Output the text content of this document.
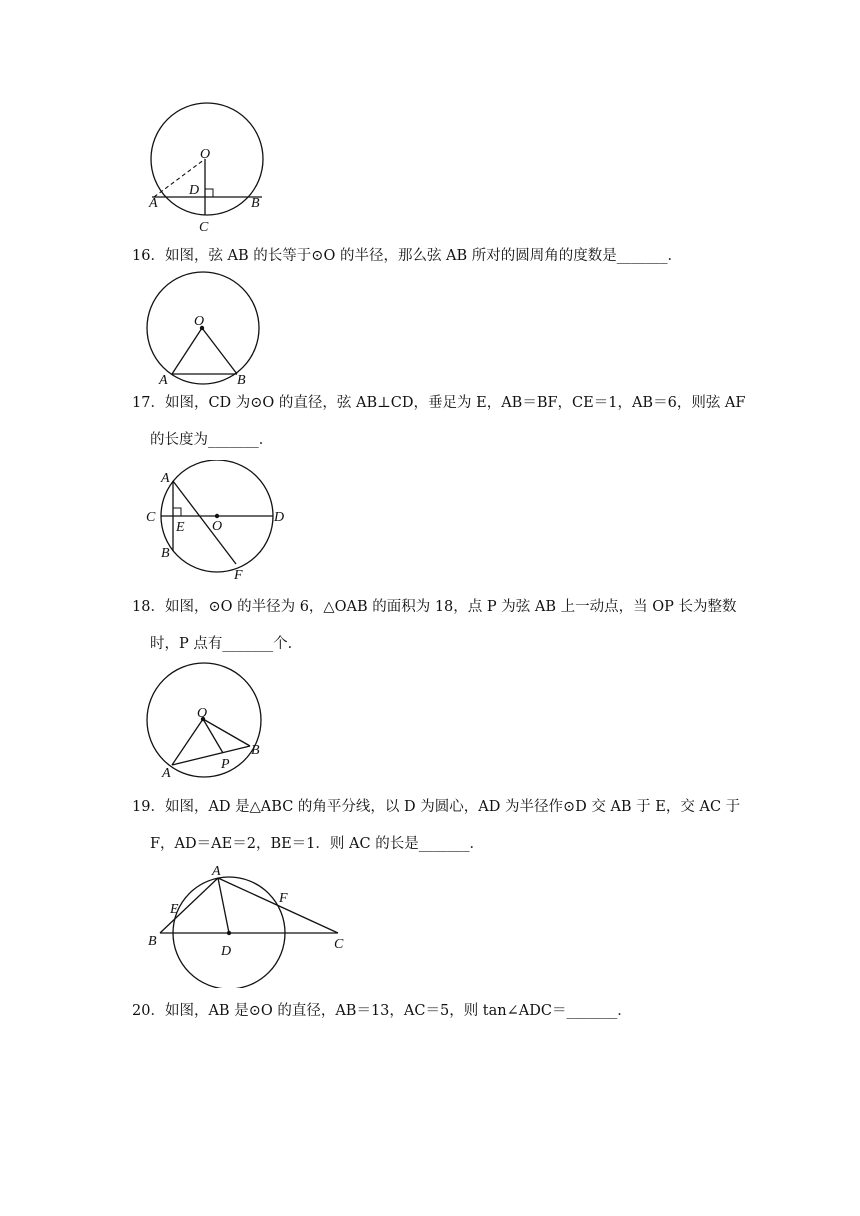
O
D
A	B
C
16．如图，弦 AB 的长等于⊙O 的半径，那么弦 AB 所对的圆周角的度数是_______．
O
A	B
17．如图，CD 为⊙O 的直径，弦 AB⊥CD，垂足为 E，AB＝BF，CE＝1，AB＝6，则弦 AF
的长度为_______．
A
C
E O
D
B
F
18．如图，⊙O 的半径为 6，△OAB 的面积为 18，点 P 为弦 AB 上一动点，当 OP 长为整数
时，P 点有_______个．
O
A
B
P
19．如图，AD 是△ABC 的角平分线，以 D 为圆心，AD 为半径作⊙D 交 AB 于 E，交 AC 于
F，AD＝AE＝2，BE＝1．则 AC 的长是_______．
A
E
F
B
D	C
20．如图，AB 是⊙O 的直径，AB＝13，AC＝5，则 tan∠ADC＝_______．
